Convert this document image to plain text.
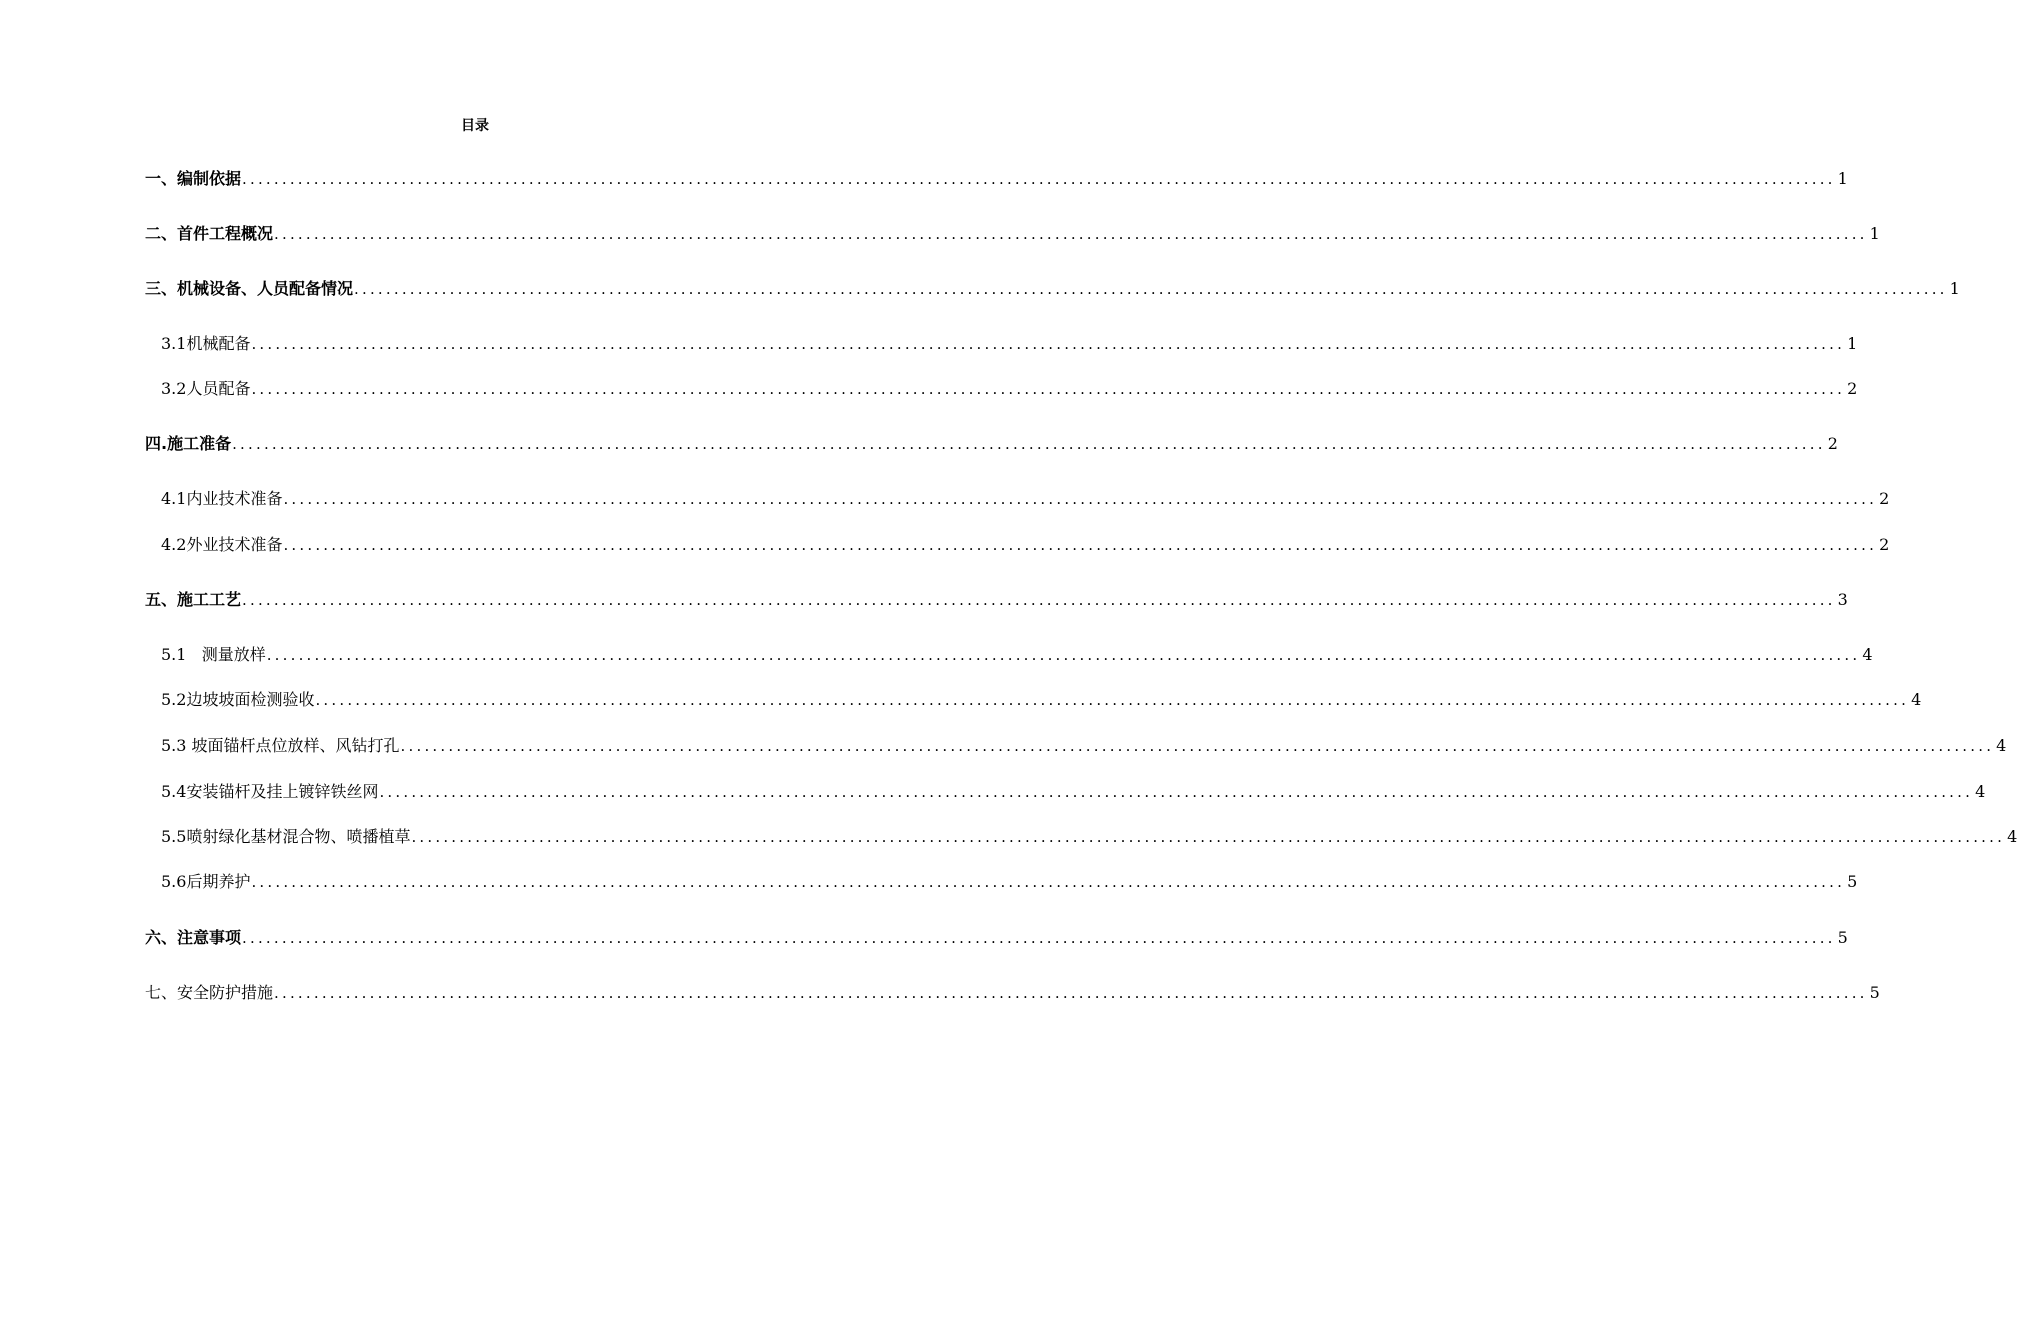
目录
一、编制依据 ........................................................................................................................................................................................................ 1
二、首件工程概况 ........................................................................................................................................................................................................ 1
三、机械设备、人员配备情况 ........................................................................................................................................................................................................ 1
3.1机械配备 ........................................................................................................................................................................................................ 1
3.2人员配备 ........................................................................................................................................................................................................ 2
四.施工准备 ........................................................................................................................................................................................................ 2
4.1内业技术准备 ........................................................................................................................................................................................................ 2
4.2外业技术准备 ........................................................................................................................................................................................................ 2
五、施工工艺 ........................................................................................................................................................................................................ 3
5.1   测量放样 ........................................................................................................................................................................................................ 4
5.2边坡坡面检测验收 ........................................................................................................................................................................................................ 4
5.3 坡面锚杆点位放样、风钻打孔 ........................................................................................................................................................................................................ 4
5.4安装锚杆及挂上镀锌铁丝网 ........................................................................................................................................................................................................ 4
5.5喷射绿化基材混合物、喷播植草 ........................................................................................................................................................................................................ 4
5.6后期养护 ........................................................................................................................................................................................................ 5
六、注意事项 ........................................................................................................................................................................................................ 5
七、安全防护措施 ........................................................................................................................................................................................................ 5
